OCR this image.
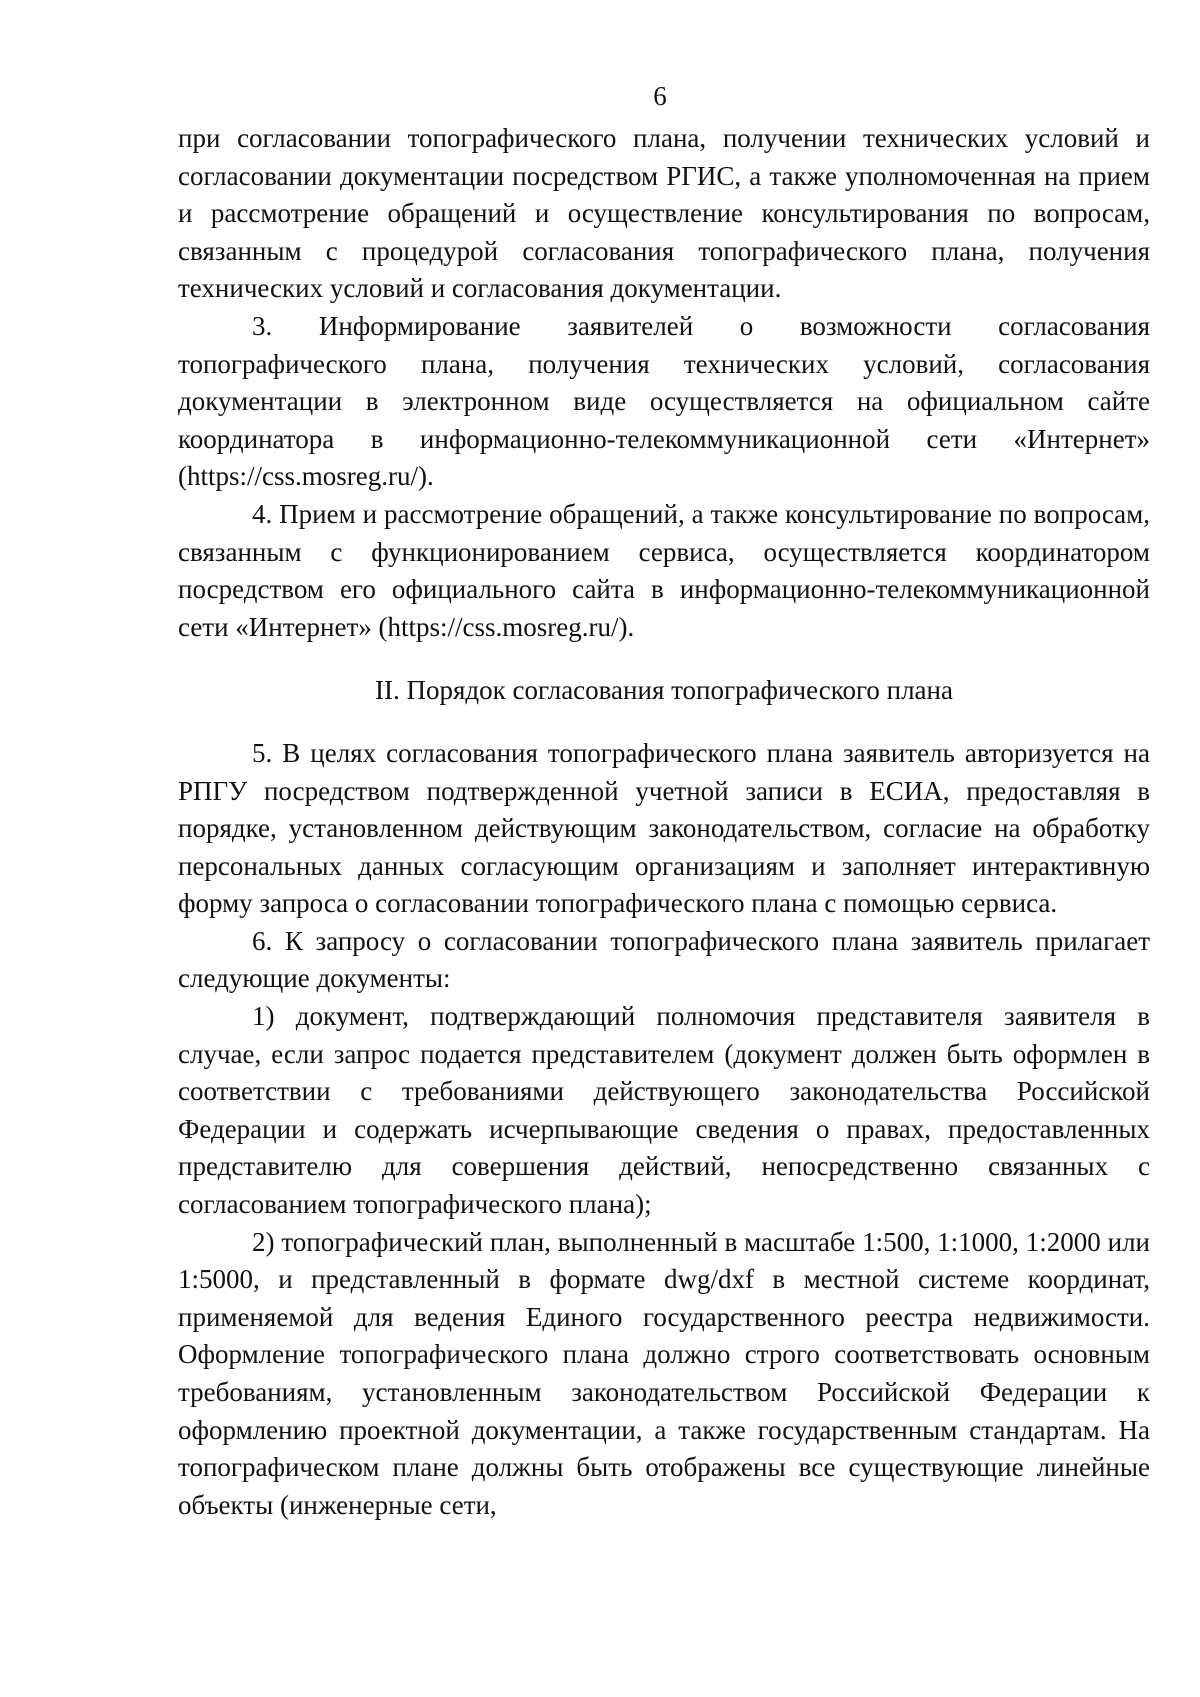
6

при согласовании топографического плана, получении технических условий и согласовании документации посредством РГИС, а также уполномоченная на прием и рассмотрение обращений и осуществление консультирования по вопросам, связанным с процедурой согласования топографического плана, получения технических условий и согласования документации.

3. Информирование заявителей о возможности согласования топографического плана, получения технических условий, согласования документации в электронном виде осуществляется на официальном сайте координатора в информационно-телекоммуникационной сети «Интернет» (https://css.mosreg.ru/).

4. Прием и рассмотрение обращений, а также консультирование по вопросам, связанным с функционированием сервиса, осуществляется координатором посредством его официального сайта в информационно-телекоммуникационной сети «Интернет» (https://css.mosreg.ru/).

II. Порядок согласования топографического плана

5. В целях согласования топографического плана заявитель авторизуется на РПГУ посредством подтвержденной учетной записи в ЕСИА, предоставляя в порядке, установленном действующим законодательством, согласие на обработку персональных данных согласующим организациям и заполняет интерактивную форму запроса о согласовании топографического плана с помощью сервиса.

6. К запросу о согласовании топографического плана заявитель прилагает следующие документы:

1) документ, подтверждающий полномочия представителя заявителя в случае, если запрос подается представителем (документ должен быть оформлен в соответствии с требованиями действующего законодательства Российской Федерации и содержать исчерпывающие сведения о правах, предоставленных представителю для совершения действий, непосредственно связанных с согласованием топографического плана);

2) топографический план, выполненный в масштабе 1:500, 1:1000, 1:2000 или 1:5000, и представленный в формате dwg/dxf в местной системе координат, применяемой для ведения Единого государственного реестра недвижимости. Оформление топографического плана должно строго соответствовать основным требованиям, установленным законодательством Российской Федерации к оформлению проектной документации, а также государственным стандартам. На топографическом плане должны быть отображены все существующие линейные объекты (инженерные сети,
